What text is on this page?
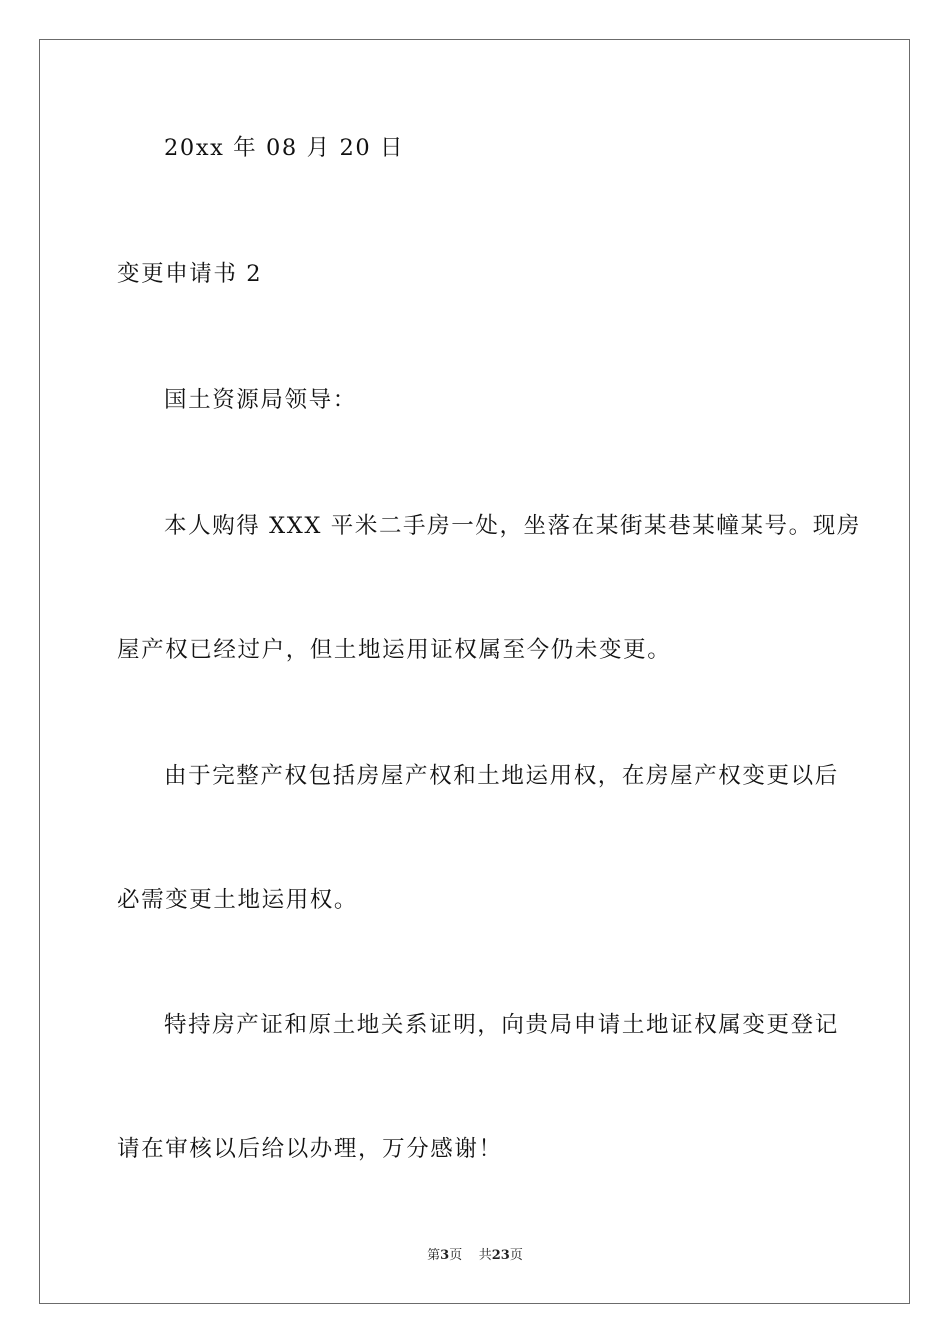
20xx 年 08 月 20 日
变更申请书 2
国土资源局领导：
本人购得 XXX 平米二手房一处，坐落在某街某巷某幢某号。现房
屋产权已经过户，但土地运用证权属至今仍未变更。
由于完整产权包括房屋产权和土地运用权，在房屋产权变更以后
必需变更土地运用权。
特持房产证和原土地关系证明，向贵局申请土地证权属变更登记
请在审核以后给以办理，万分感谢！
第3页 共23页
